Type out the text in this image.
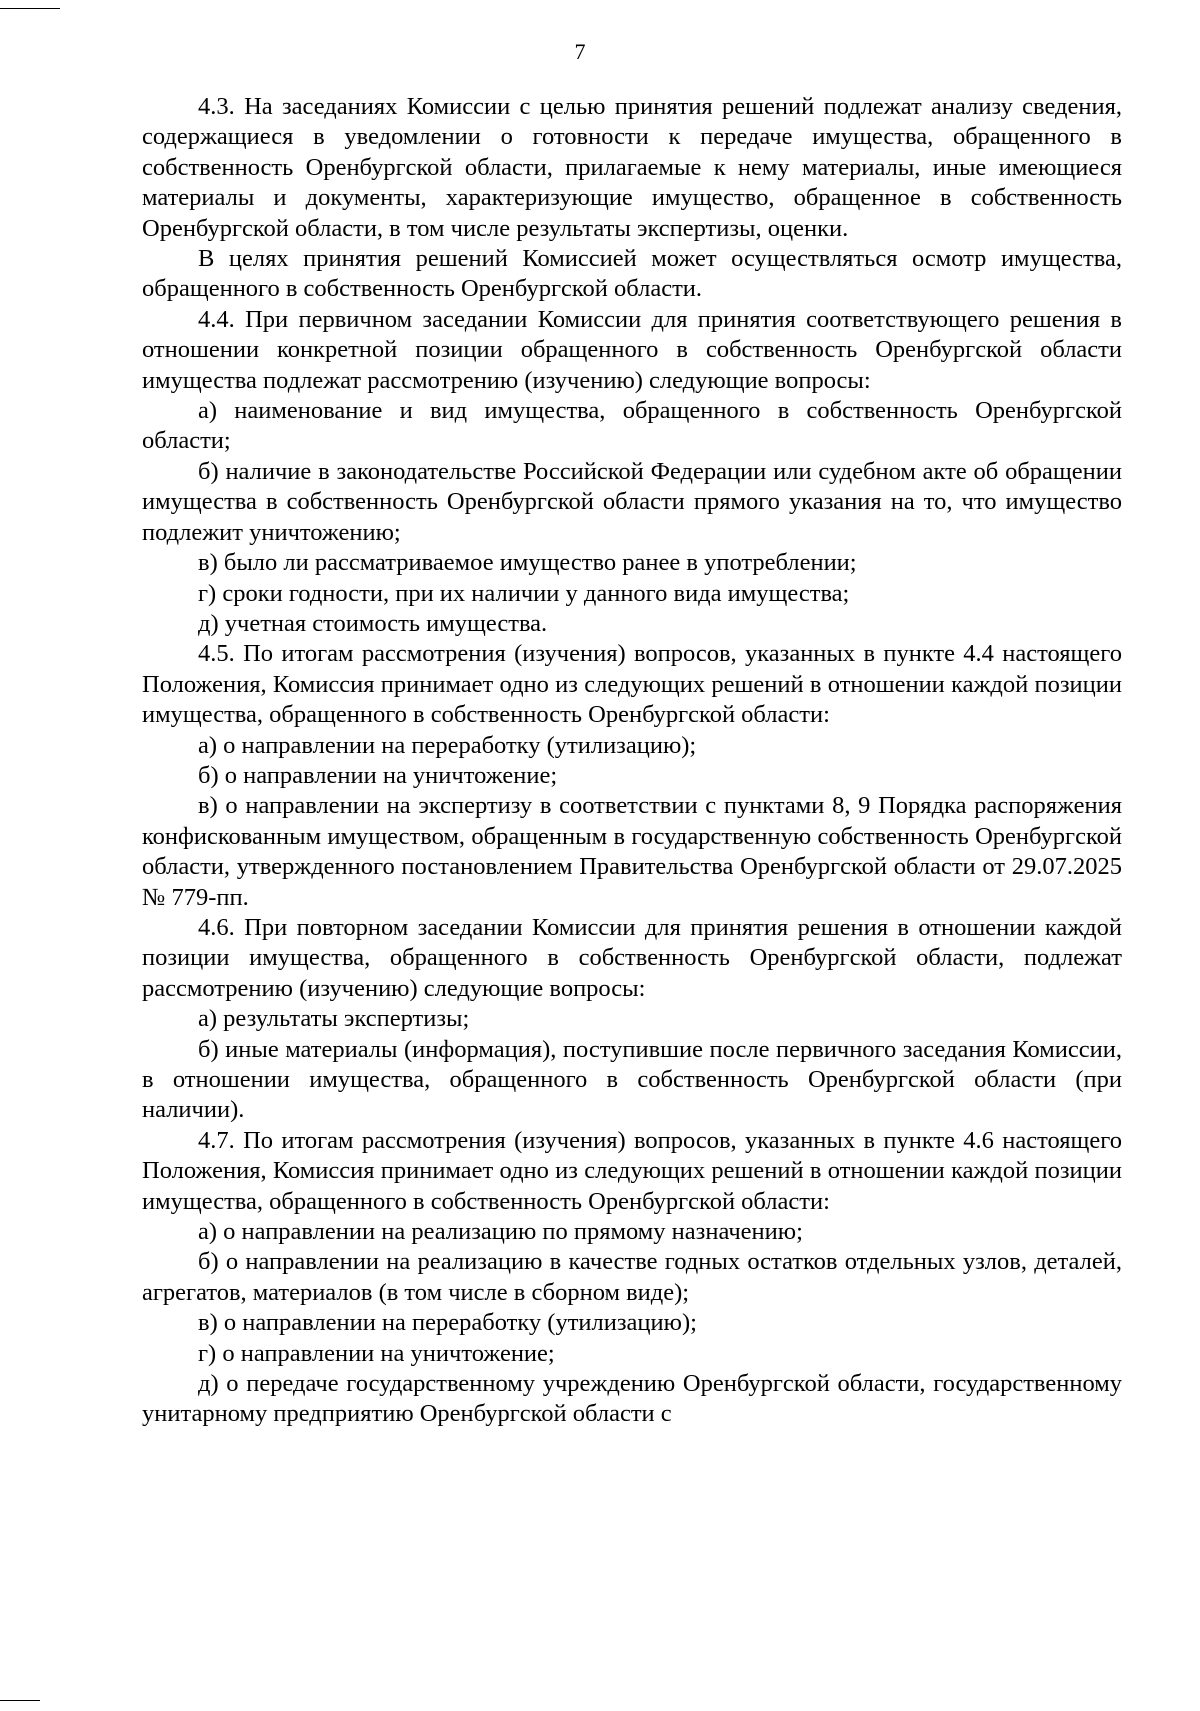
7

4.3. На заседаниях Комиссии с целью принятия решений подлежат анализу сведения, содержащиеся в уведомлении о готовности к передаче имущества, обращенного в собственность Оренбургской области, прилагаемые к нему материалы, иные имеющиеся материалы и документы, характеризующие имущество, обращенное в собственность Оренбургской области, в том числе результаты экспертизы, оценки.

В целях принятия решений Комиссией может осуществляться осмотр имущества, обращенного в собственность Оренбургской области.

4.4. При первичном заседании Комиссии для принятия соответствующего решения в отношении конкретной позиции обращенного в собственность Оренбургской области имущества подлежат рассмотрению (изучению) следующие вопросы:

а) наименование и вид имущества, обращенного в собственность Оренбургской области;

б) наличие в законодательстве Российской Федерации или судебном акте об обращении имущества в собственность Оренбургской области прямого указания на то, что имущество подлежит уничтожению;

в) было ли рассматриваемое имущество ранее в употреблении;

г) сроки годности, при их наличии у данного вида имущества;

д) учетная стоимость имущества.

4.5. По итогам рассмотрения (изучения) вопросов, указанных в пункте 4.4 настоящего Положения, Комиссия принимает одно из следующих решений в отношении каждой позиции имущества, обращенного в собственность Оренбургской области:

а) о направлении на переработку (утилизацию);

б) о направлении на уничтожение;

в) о направлении на экспертизу в соответствии с пунктами 8, 9 Порядка распоряжения конфискованным имуществом, обращенным в государственную собственность Оренбургской области, утвержденного постановлением Правительства Оренбургской области от 29.07.2025 № 779-пп.

4.6. При повторном заседании Комиссии для принятия решения в отношении каждой позиции имущества, обращенного в собственность Оренбургской области, подлежат рассмотрению (изучению) следующие вопросы:

а) результаты экспертизы;

б) иные материалы (информация), поступившие после первичного заседания Комиссии, в отношении имущества, обращенного в собственность Оренбургской области (при наличии).

4.7. По итогам рассмотрения (изучения) вопросов, указанных в пункте 4.6 настоящего Положения, Комиссия принимает одно из следующих решений в отношении каждой позиции имущества, обращенного в собственность Оренбургской области:

а) о направлении на реализацию по прямому назначению;

б) о направлении на реализацию в качестве годных остатков отдельных узлов, деталей, агрегатов, материалов (в том числе в сборном виде);

в) о направлении на переработку (утилизацию);

г) о направлении на уничтожение;

д) о передаче государственному учреждению Оренбургской области, государственному унитарному предприятию Оренбургской области с
